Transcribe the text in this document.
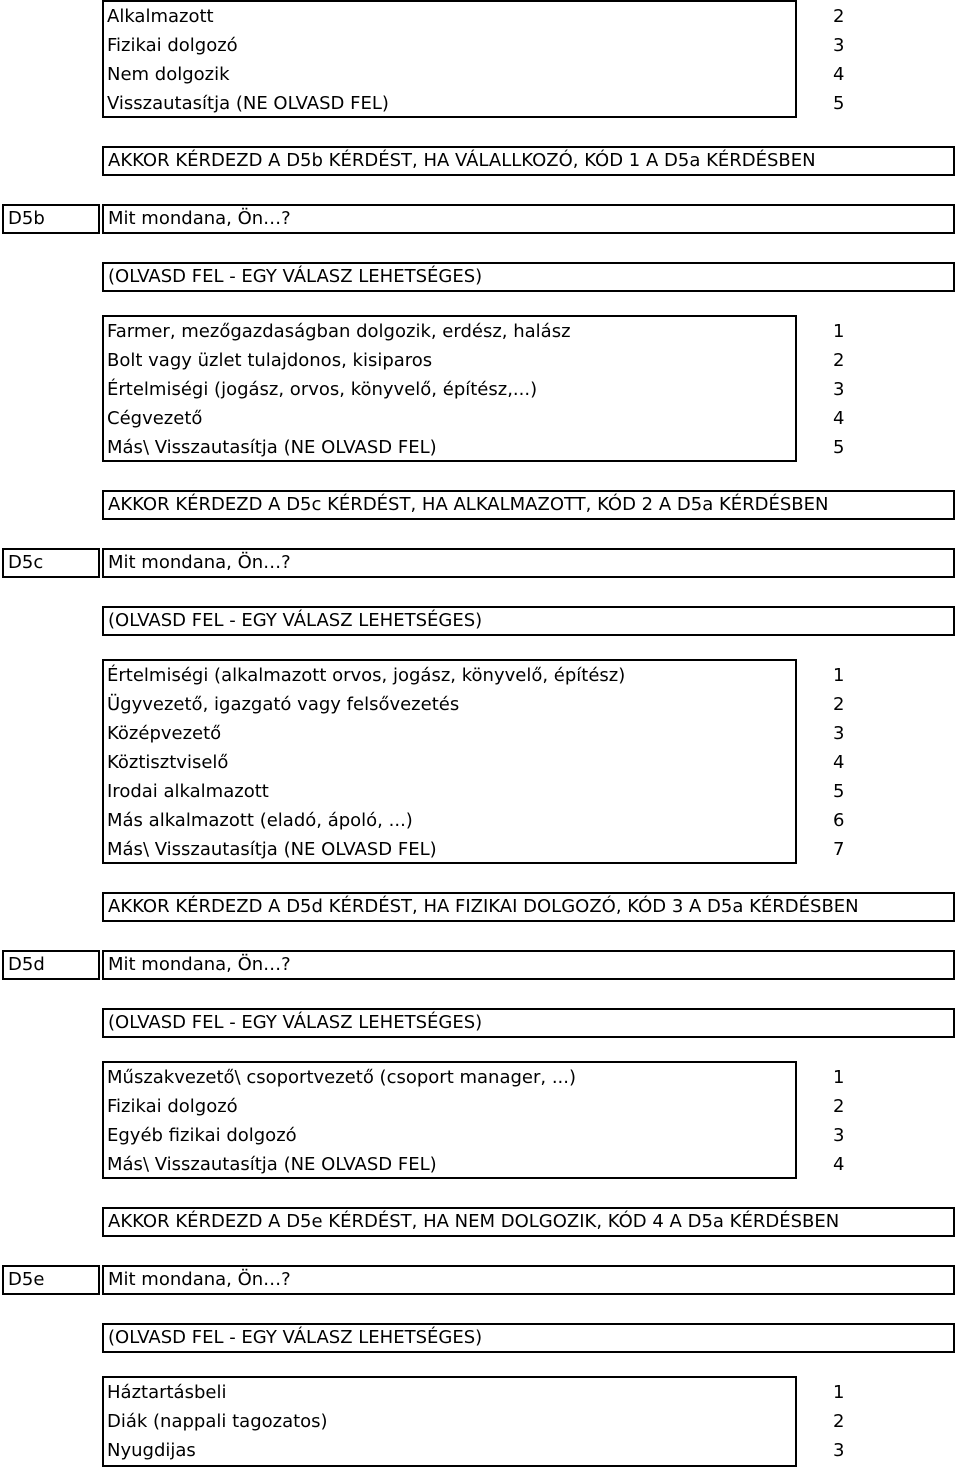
Alkalmazott	2
Fizikai dolgozó	3
Nem dolgozik	4
Visszautasítja (NE OLVASD FEL)	5
AKKOR KÉRDEZD A D5b KÉRDÉST, HA VÁLALLKOZÓ, KÓD 1 A D5a KÉRDÉSBEN
D5b	Mit mondana, Ön…?
(OLVASD FEL - EGY VÁLASZ LEHETSÉGES)
Farmer, mezőgazdaságban dolgozik, erdész, halász	1
Bolt vagy üzlet tulajdonos, kisiparos	2
Értelmiségi (jogász, orvos, könyvelő, építész,...)	3
Cégvezető	4
Más\ Visszautasítja (NE OLVASD FEL)	5
AKKOR KÉRDEZD A D5c KÉRDÉST, HA ALKALMAZOTT, KÓD 2 A D5a KÉRDÉSBEN
D5c	Mit mondana, Ön…?
(OLVASD FEL - EGY VÁLASZ LEHETSÉGES)
Értelmiségi (alkalmazott orvos, jogász, könyvelő, építész)	1
Ügyvezető, igazgató vagy felsővezetés	2
Középvezető	3
Köztisztviselő	4
Irodai alkalmazott	5
Más alkalmazott (eladó, ápoló, ...)	6
Más\ Visszautasítja (NE OLVASD FEL)	7
AKKOR KÉRDEZD A D5d KÉRDÉST, HA FIZIKAI DOLGOZÓ, KÓD 3 A D5a KÉRDÉSBEN
D5d	Mit mondana, Ön…?
(OLVASD FEL - EGY VÁLASZ LEHETSÉGES)
Műszakvezető\ csoportvezető (csoport manager, ...)	1
Fizikai dolgozó	2
Egyéb fizikai dolgozó	3
Más\ Visszautasítja (NE OLVASD FEL)	4
AKKOR KÉRDEZD A D5e KÉRDÉST, HA NEM DOLGOZIK, KÓD 4 A D5a KÉRDÉSBEN
D5e	Mit mondana, Ön…?
(OLVASD FEL - EGY VÁLASZ LEHETSÉGES)
Háztartásbeli	1
Diák (nappali tagozatos)	2
Nyugdijas	3
